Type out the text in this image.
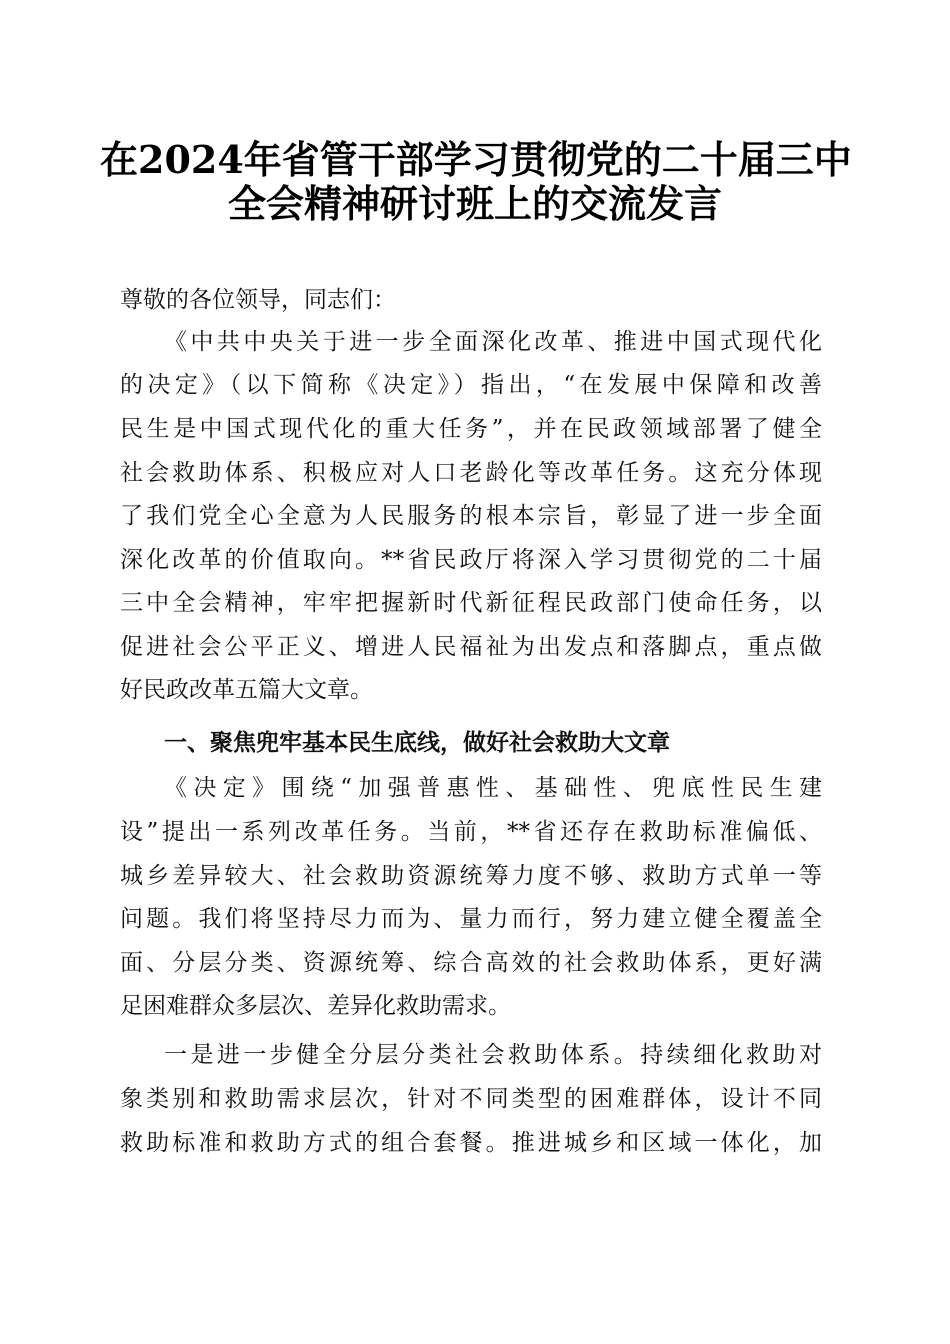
在2024年省管干部学习贯彻党的二十届三中
全会精神研讨班上的交流发言
尊敬的各位领导，同志们：
《中共中央关于进一步全面深化改革、推进中国式现代化
的决定》（以下简称《决定》）指出，“在发展中保障和改善
民生是中国式现代化的重大任务”，并在民政领域部署了健全
社会救助体系、积极应对人口老龄化等改革任务。这充分体现
了我们党全心全意为人民服务的根本宗旨，彰显了进一步全面
深化改革的价值取向。**省民政厅将深入学习贯彻党的二十届
三中全会精神，牢牢把握新时代新征程民政部门使命任务，以
促进社会公平正义、增进人民福祉为出发点和落脚点，重点做
好民政改革五篇大文章。
一、聚焦兜牢基本民生底线，做好社会救助大文章
《决定》围绕“加强普惠性、基础性、兜底性民生建
设”提出一系列改革任务。当前，**省还存在救助标准偏低、
城乡差异较大、社会救助资源统筹力度不够、救助方式单一等
问题。我们将坚持尽力而为、量力而行，努力建立健全覆盖全
面、分层分类、资源统筹、综合高效的社会救助体系，更好满
足困难群众多层次、差异化救助需求。
一是进一步健全分层分类社会救助体系。持续细化救助对
象类别和救助需求层次，针对不同类型的困难群体，设计不同
救助标准和救助方式的组合套餐。推进城乡和区域一体化，加
